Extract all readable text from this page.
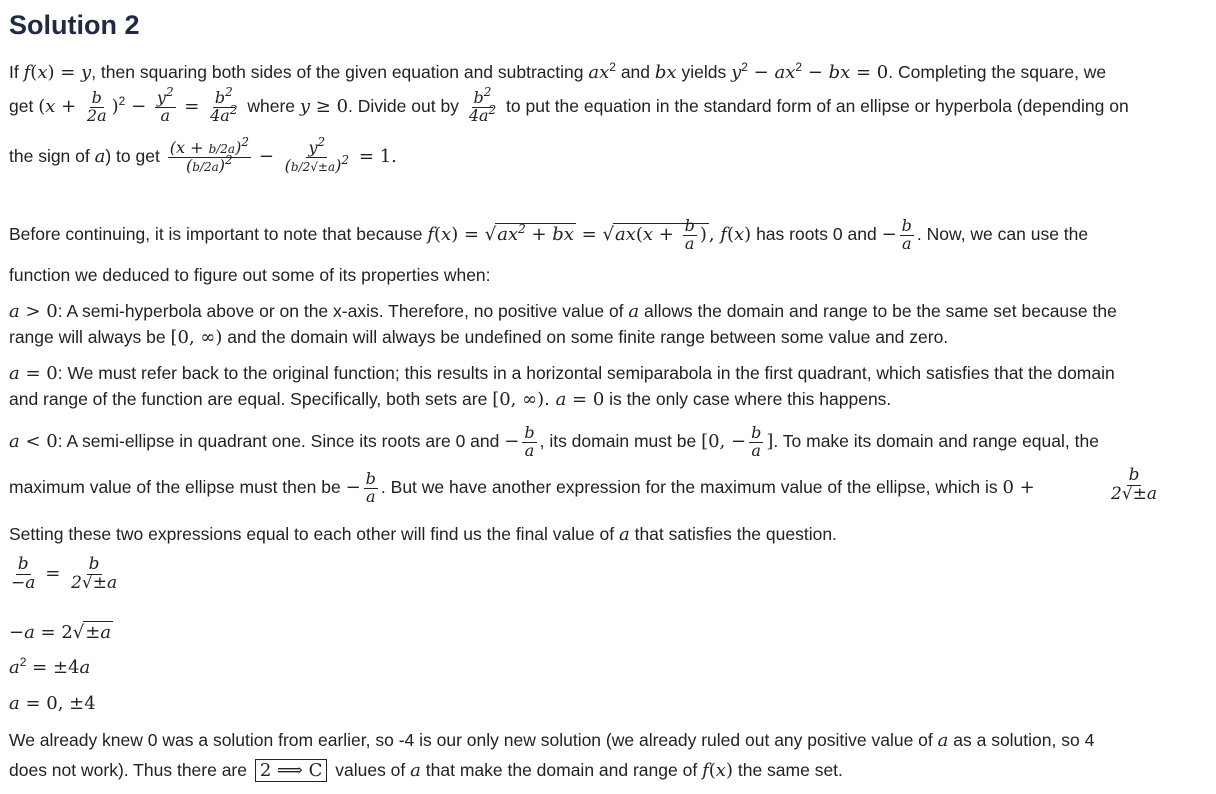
Solution 2
If f(x) = y, then squaring both sides of the given equation and subtracting $ax^2$ and bx yields $y^2 - ax^2$ − bx = 0. Completing the square, we
get $(x + \frac{b}{2a} )^2 - \frac{y^2}{a} = \frac{b^2}{4a^2}$ where y ≥ 0. Divide out by $\frac{b^2}{4a^2}$ to put the equation in the standard form of an ellipse or hyperbola (depending on
the sign of a) to get $\frac{(x + b/2a)^2}{(b/2a)^2} - \frac{y^2}{(b/2√\pm a)^2} = 1$.
Before continuing, it is important to note that because $f(x) = √ax^2$ + bx = $√ax(x + \frac{b}{a}$ ) , f(x) has roots 0 and − $\frac{b}{a}$ . Now, we can use the
function we deduced to figure out some of its properties when:
a > 0: A semi-hyperbola above or on the x-axis. Therefore, no positive value of a allows the domain and range to be the same set because the
range will always be [0, ∞) and the domain will always be undefined on some finite range between some value and zero.
a = 0: We must refer back to the original function; this results in a horizontal semiparabola in the first quadrant, which satisfies that the domain
and range of the function are equal. Specifically, both sets are [0, ∞). a = 0 is the only case where this happens.
a < 0: A semi-ellipse in quadrant one. Since its roots are 0 and − $\frac{b}{a}$ , its domain must be [0, − $\frac{b}{a}$ ]. To make its domain and range equal, the
maximum value of the ellipse must then be − $\frac{b}{a}$ . But we have another expression for the maximum value of the ellipse, which is 0 +	$\frac{b}{2√\pm a}$
Setting these two expressions equal to each other will find us the final value of a that satisfies the question.
$\frac{b}{-a} = \frac{b}{2√\pm a}$
−a = 2√±a
$a^2 = \pm 4a$
a = 0, ±4
We already knew 0 was a solution from earlier, so -4 is our only new solution (we already ruled out any positive value of a as a solution, so 4
does not work). Thus there are 2 ⟹ C values of a that make the domain and range of f(x) the same set.
